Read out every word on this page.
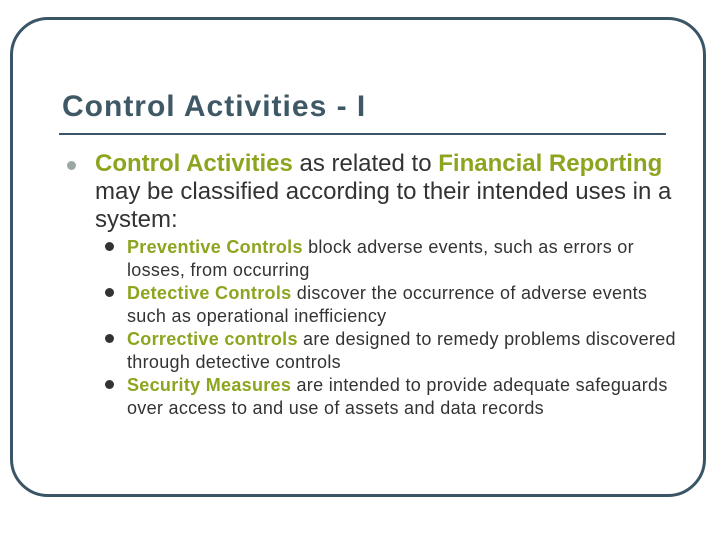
Control Activities - I

Control Activities as related to Financial Reporting may be classified according to their intended uses in a system:

Preventive Controls block adverse events, such as errors or losses, from occurring
Detective Controls discover the occurrence of adverse events such as operational inefficiency
Corrective controls are designed to remedy problems discovered through detective controls
Security Measures are intended to provide adequate safeguards over access to and use of assets and data records
